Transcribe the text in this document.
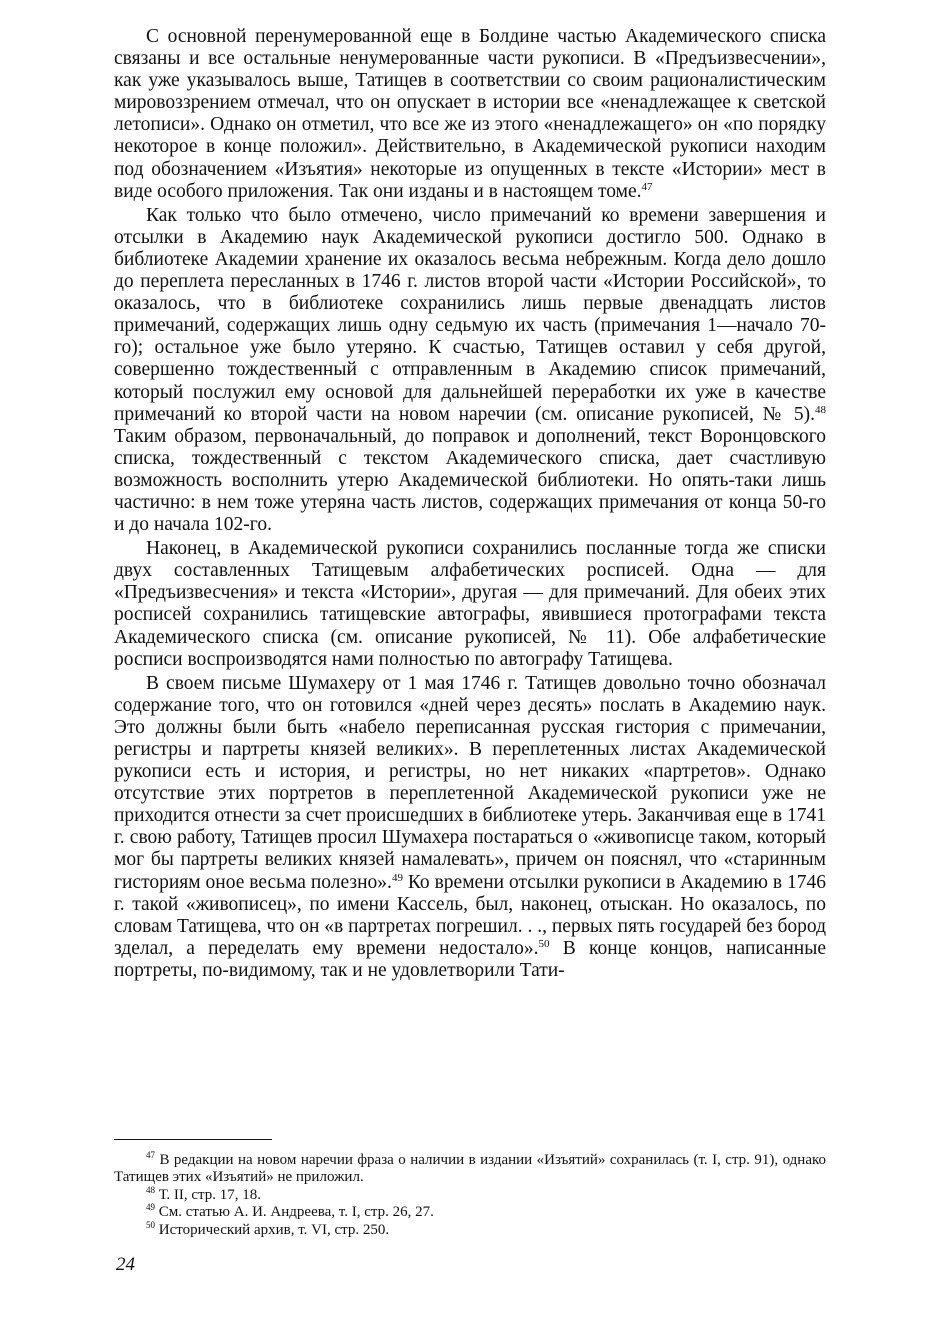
С основной перенумерованной еще в Болдине частью Академического списка связаны и все остальные ненумерованные части рукописи. В «Предъизвесчении», как уже указывалось выше, Татищев в соответствии со своим рационалистическим мировоззрением отмечал, что он опускает в истории все «ненадлежащее к светской летописи». Однако он отметил, что все же из этого «ненадлежащего» он «по порядку некоторое в конце положил». Действительно, в Академической рукописи находим под обозначением «Изъятия» некоторые из опущенных в тексте «Истории» мест в виде особого приложения. Так они изданы и в настоящем томе.$^{47}$

Как только что было отмечено, число примечаний ко времени завершения и отсылки в Академию наук Академической рукописи достигло 500. Однако в библиотеке Академии хранение их оказалось весьма небрежным. Когда дело дошло до переплета пересланных в 1746 г. листов второй части «Истории Российской», то оказалось, что в библиотеке сохранились лишь первые двенадцать листов примечаний, содержащих лишь одну седьмую их часть (примечания 1—начало 70-го); остальное уже было утеряно. К счастью, Татищев оставил у себя другой, совершенно тождественный с отправленным в Академию список примечаний, который послужил ему основой для дальнейшей переработки их уже в качестве примечаний ко второй части на новом наречии (см. описание рукописей, № 5).$^{48}$ Таким образом, первоначальный, до поправок и дополнений, текст Воронцовского списка, тождественный с текстом Академического списка, дает счастливую возможность восполнить утерю Академической библиотеки. Но опять-таки лишь частично: в нем тоже утеряна часть листов, содержащих примечания от конца 50-го и до начала 102-го.

Наконец, в Академической рукописи сохранились посланные тогда же списки двух составленных Татищевым алфабетических росписей. Одна — для «Предъизвесчения» и текста «Истории», другая — для примечаний. Для обеих этих росписей сохранились татищевские автографы, явившиеся протографами текста Академического списка (см. описание рукописей, № 11). Обе алфабетические росписи воспроизводятся нами полностью по автографу Татищева.

В своем письме Шумахеру от 1 мая 1746 г. Татищев довольно точно обозначал содержание того, что он готовился «дней через десять» послать в Академию наук. Это должны были быть «набело переписанная русская гистория с примечании, регистры и партреты князей великих». В переплетенных листах Академической рукописи есть и история, и регистры, но нет никаких «партретов». Однако отсутствие этих портретов в переплетенной Академической рукописи уже не приходится отнести за счет происшедших в библиотеке утерь. Заканчивая еще в 1741 г. свою работу, Татищев просил Шумахера постараться о «живописце таком, который мог бы партреты великих князей намалевать», причем он пояснял, что «старинным гисториям оное весьма полезно».$^{49}$ Ко времени отсылки рукописи в Академию в 1746 г. такой «живописец», по имени Кассель, был, наконец, отыскан. Но оказалось, по словам Татищева, что он «в партретах погрешил. . ., первых пять государей без бород зделал, а переделать ему времени недостало».$^{50}$ В конце концов, написанные портреты, по-видимому, так и не удовлетворили Тати-

$^{47}$ В редакции на новом наречии фраза о наличии в издании «Изъятий» сохранилась (т. I, стр. 91), однако Татищев этих «Изъятий» не приложил.

$^{48}$ Т. II, стр. 17, 18.

$^{49}$ См. статью А. И. Андреева, т. I, стр. 26, 27.

$^{50}$ Исторический архив, т. VI, стр. 250.

24
